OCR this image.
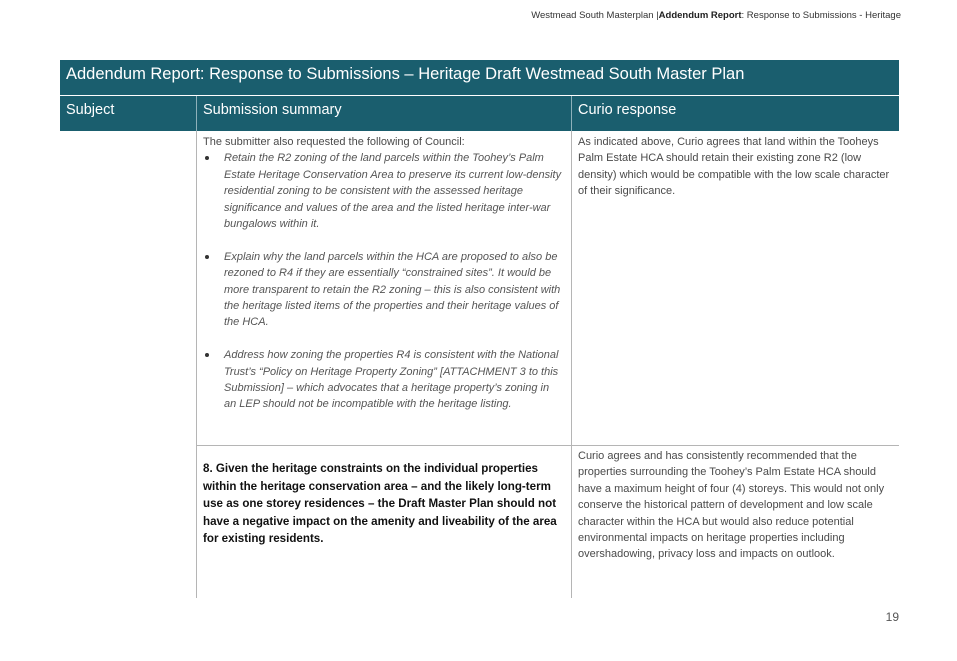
Westmead South Masterplan |Addendum Report: Response to Submissions - Heritage
Addendum Report: Response to Submissions – Heritage Draft Westmead South Master Plan
Subject	Submission summary	Curio response

The submitter also requested the following of Council:

Retain the R2 zoning of the land parcels within the Toohey’s Palm Estate Heritage Conservation Area to preserve its current low-density residential zoning to be consistent with the assessed heritage significance and values of the area and the listed heritage inter-war bungalows within it.
Explain why the land parcels within the HCA are proposed to also be rezoned to R4 if they are essentially “constrained sites”. It would be more transparent to retain the R2 zoning – this is also consistent with the heritage listed items of the properties and their heritage values of the HCA.
Address how zoning the properties R4 is consistent with the National Trust’s “Policy on Heritage Property Zoning” [ATTACHMENT 3 to this Submission] – which advocates that a heritage property’s zoning in an LEP should not be incompatible with the heritage listing.
As indicated above, Curio agrees that land within the Tooheys Palm Estate HCA should retain their existing zone R2 (low density) which would be compatible with the low scale character of their significance.
8. Given the heritage constraints on the individual properties within the heritage conservation area – and the likely long-term use as one storey residences – the Draft Master Plan should not have a negative impact on the amenity and liveability of the area for existing residents.
Curio agrees and has consistently recommended that the properties surrounding the Toohey’s Palm Estate HCA should have a maximum height of four (4) storeys. This would not only conserve the historical pattern of development and low scale character within the HCA but would also reduce potential environmental impacts on heritage properties including overshadowing, privacy loss and impacts on outlook.
19
